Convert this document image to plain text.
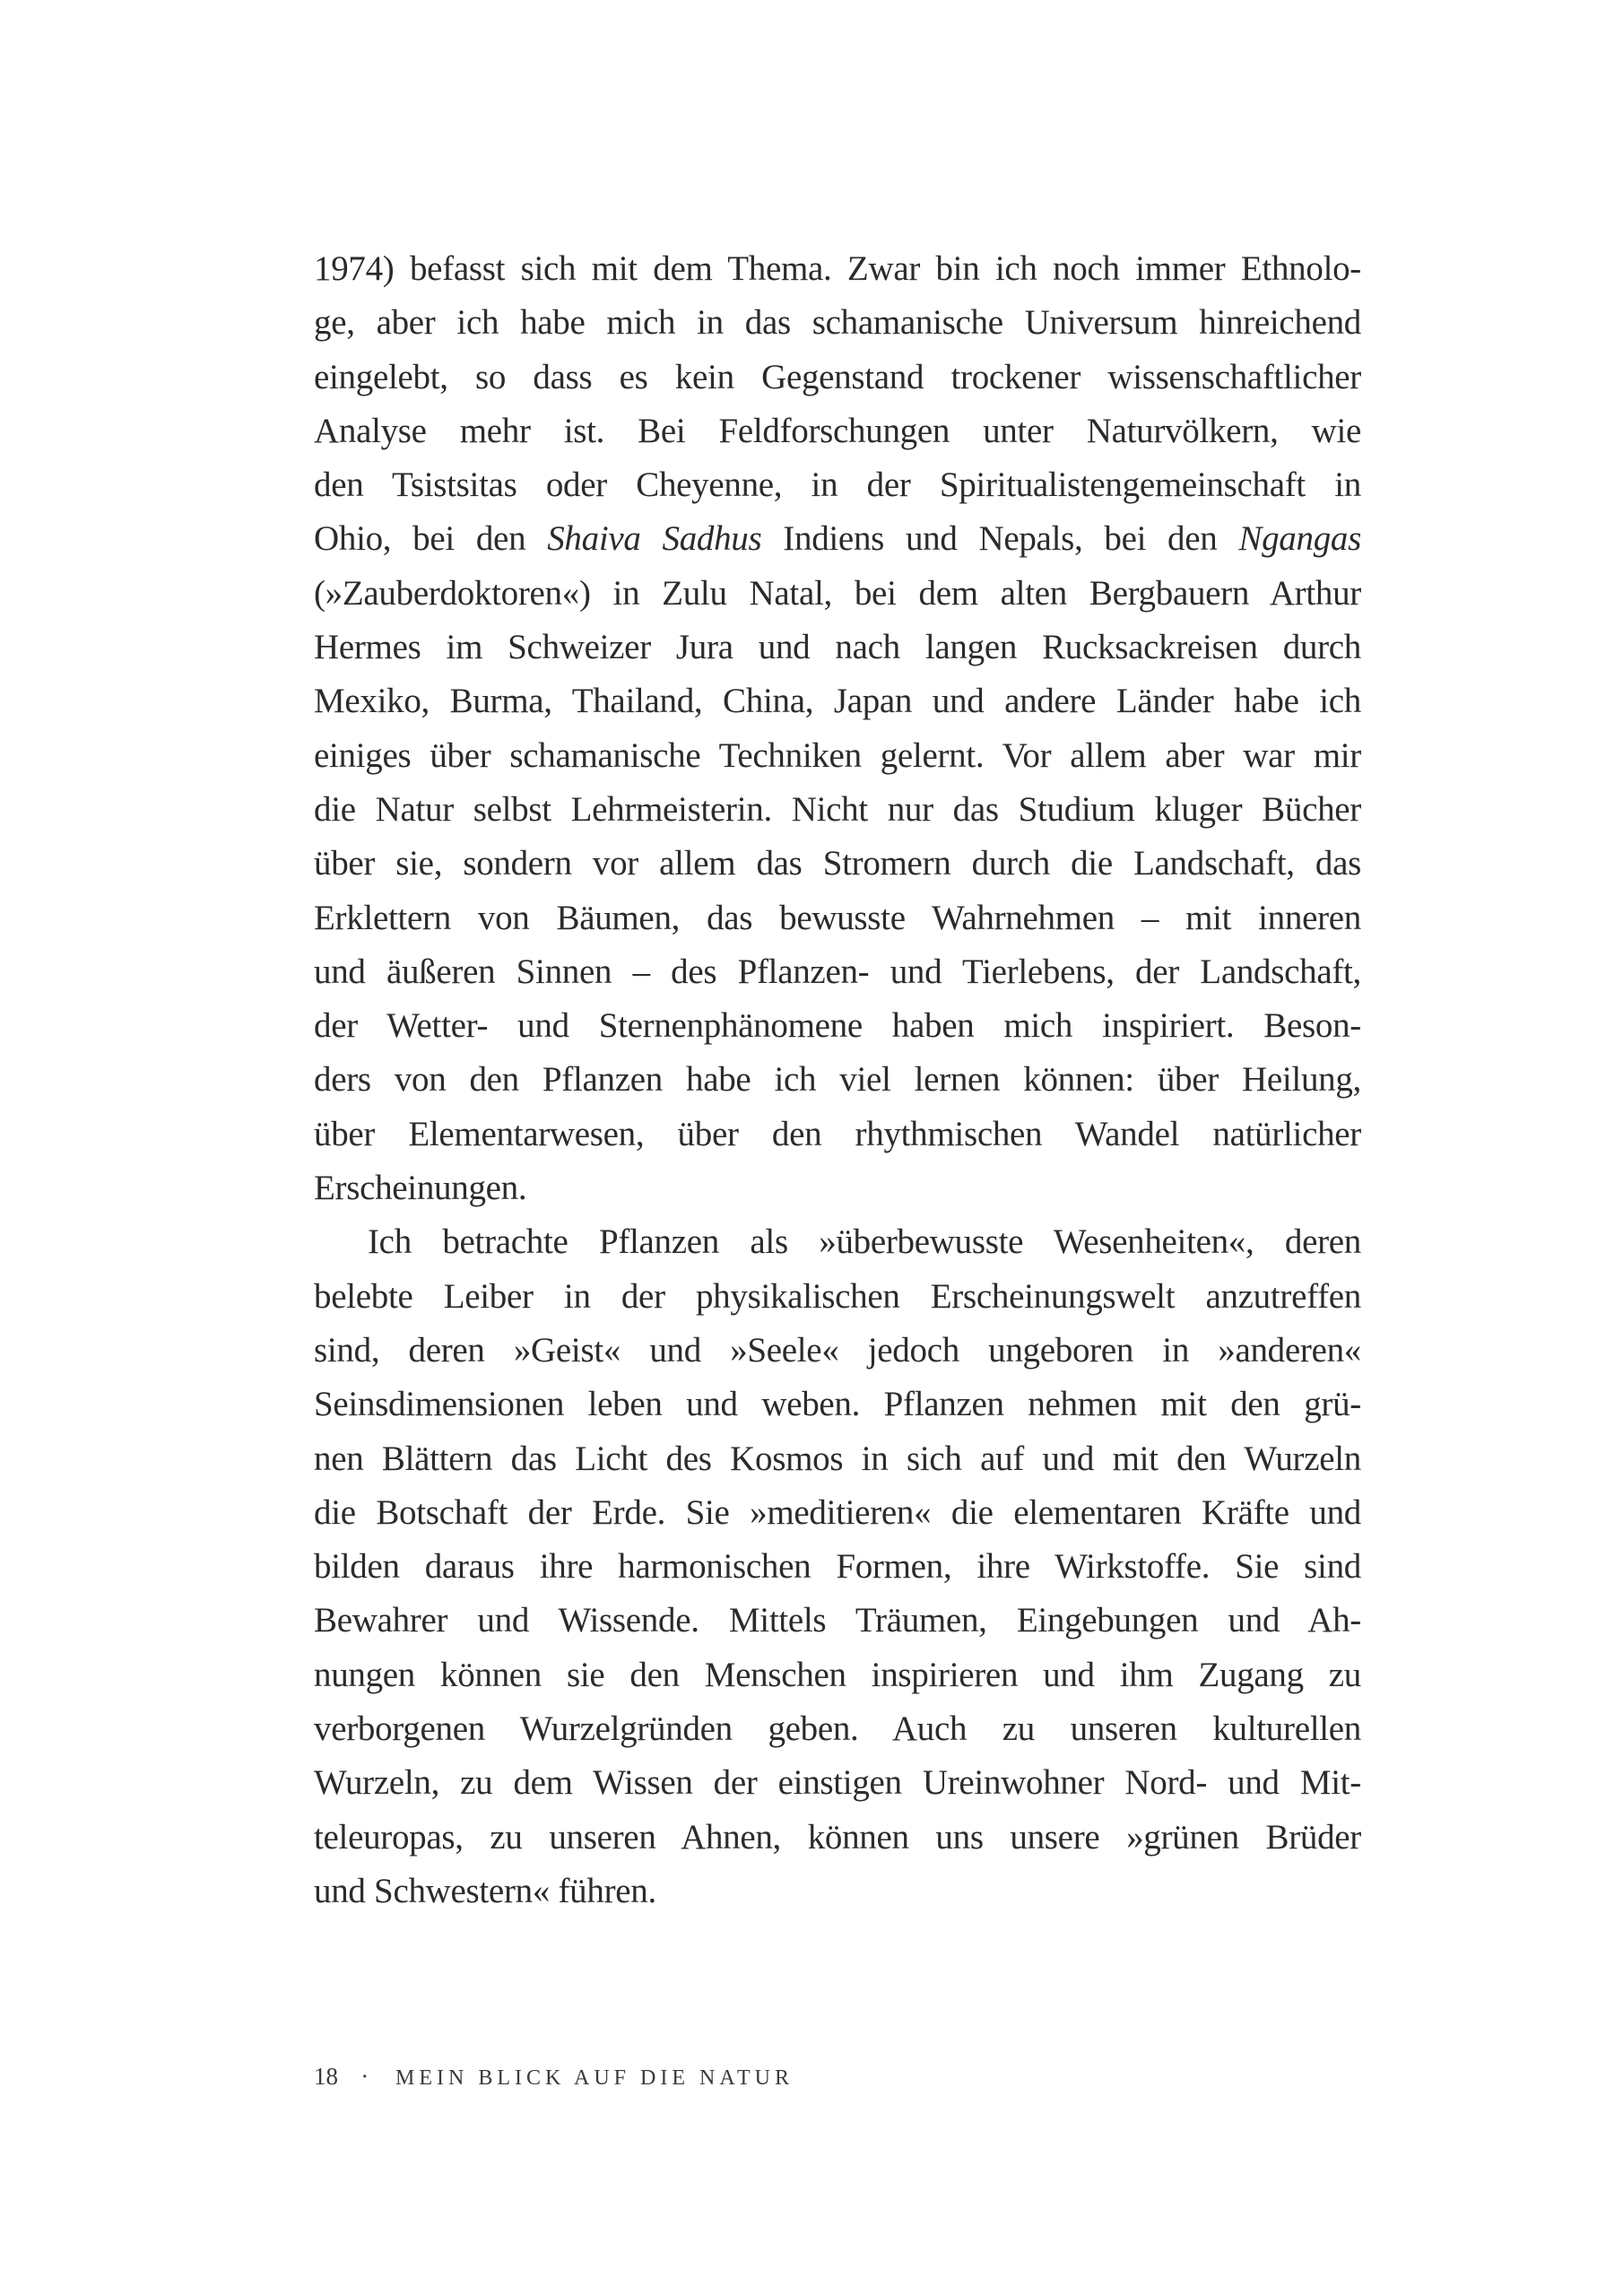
1974) befasst sich mit dem Thema. Zwar bin ich noch immer Ethnolo-
ge, aber ich habe mich in das schamanische Universum hinreichend
eingelebt, so dass es kein Gegenstand trockener wissenschaftlicher
Analyse mehr ist. Bei Feldforschungen unter Naturvölkern, wie
den Tsistsitas oder Cheyenne, in der Spiritualistengemeinschaft in
Ohio, bei den Shaiva Sadhus Indiens und Nepals, bei den Ngangas
(»Zauberdoktoren«) in Zulu Natal, bei dem alten Bergbauern Arthur
Hermes im Schweizer Jura und nach langen Rucksackreisen durch
Mexiko, Burma, Thailand, China, Japan und andere Länder habe ich
einiges über schamanische Techniken gelernt. Vor allem aber war mir
die Natur selbst Lehrmeisterin. Nicht nur das Studium kluger Bücher
über sie, sondern vor allem das Stromern durch die Landschaft, das
Erklettern von Bäumen, das bewusste Wahrnehmen – mit inneren
und äußeren Sinnen – des Pflanzen- und Tierlebens, der Landschaft,
der Wetter- und Sternenphänomene haben mich inspiriert. Beson-
ders von den Pflanzen habe ich viel lernen können: über Heilung,
über Elementarwesen, über den rhythmischen Wandel natürlicher
Erscheinungen.
Ich betrachte Pflanzen als »überbewusste Wesenheiten«, deren
belebte Leiber in der physikalischen Erscheinungswelt anzutreffen
sind, deren »Geist« und »Seele« jedoch ungeboren in »anderen«
Seinsdimensionen leben und weben. Pflanzen nehmen mit den grü-
nen Blättern das Licht des Kosmos in sich auf und mit den Wurzeln
die Botschaft der Erde. Sie »meditieren« die elementaren Kräfte und
bilden daraus ihre harmonischen Formen, ihre Wirkstoffe. Sie sind
Bewahrer und Wissende. Mittels Träumen, Eingebungen und Ah-
nungen können sie den Menschen inspirieren und ihm Zugang zu
verborgenen Wurzelgründen geben. Auch zu unseren kulturellen
Wurzeln, zu dem Wissen der einstigen Ureinwohner Nord- und Mit-
teleuropas, zu unseren Ahnen, können uns unsere »grünen Brüder
und Schwestern« führen.
18 · MEIN BLICK AUF DIE NATUR
